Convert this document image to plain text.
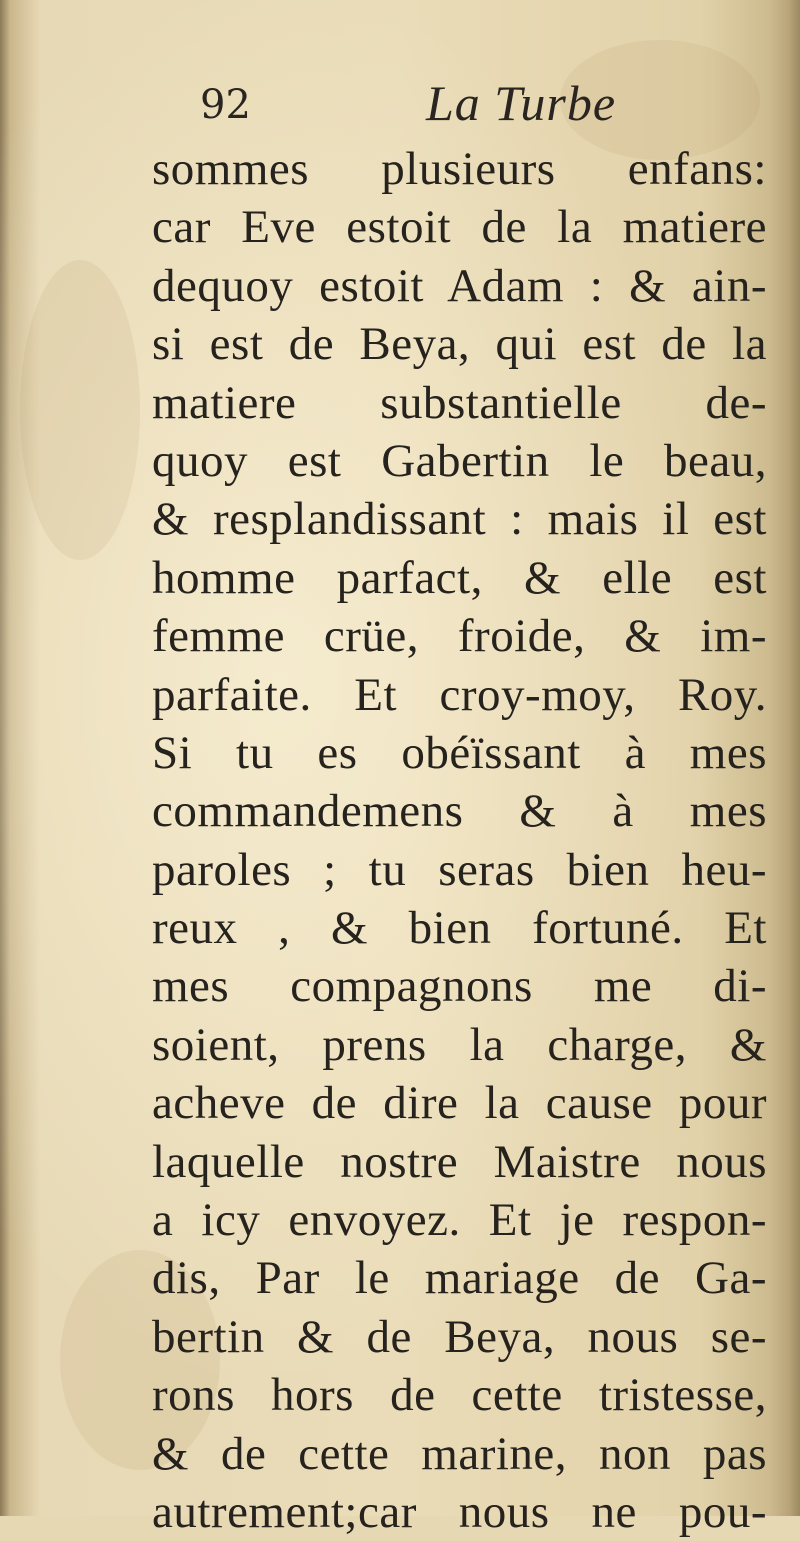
92	La Turbe
sommes plusieurs enfans:
car Eve estoit de la matiere
dequoy estoit Adam : & ain-
si est de Beya, qui est de la
matiere substantielle de-
quoy est Gabertin le beau,
& resplandissant : mais il est
homme parfact, & elle est
femme crüe, froide, & im-
parfaite. Et croy-moy, Roy.
Si tu es obéïssant à mes
commandemens & à mes
paroles ; tu seras bien heu-
reux , & bien fortuné. Et
mes compagnons me di-
soient, prens la charge, &
acheve de dire la cause pour
laquelle nostre Maistre nous
a icy envoyez. Et je respon-
dis, Par le mariage de Ga-
bertin & de Beya, nous se-
rons hors de cette tristesse,
& de cette marine, non pas
autrement;car nous ne pou-
